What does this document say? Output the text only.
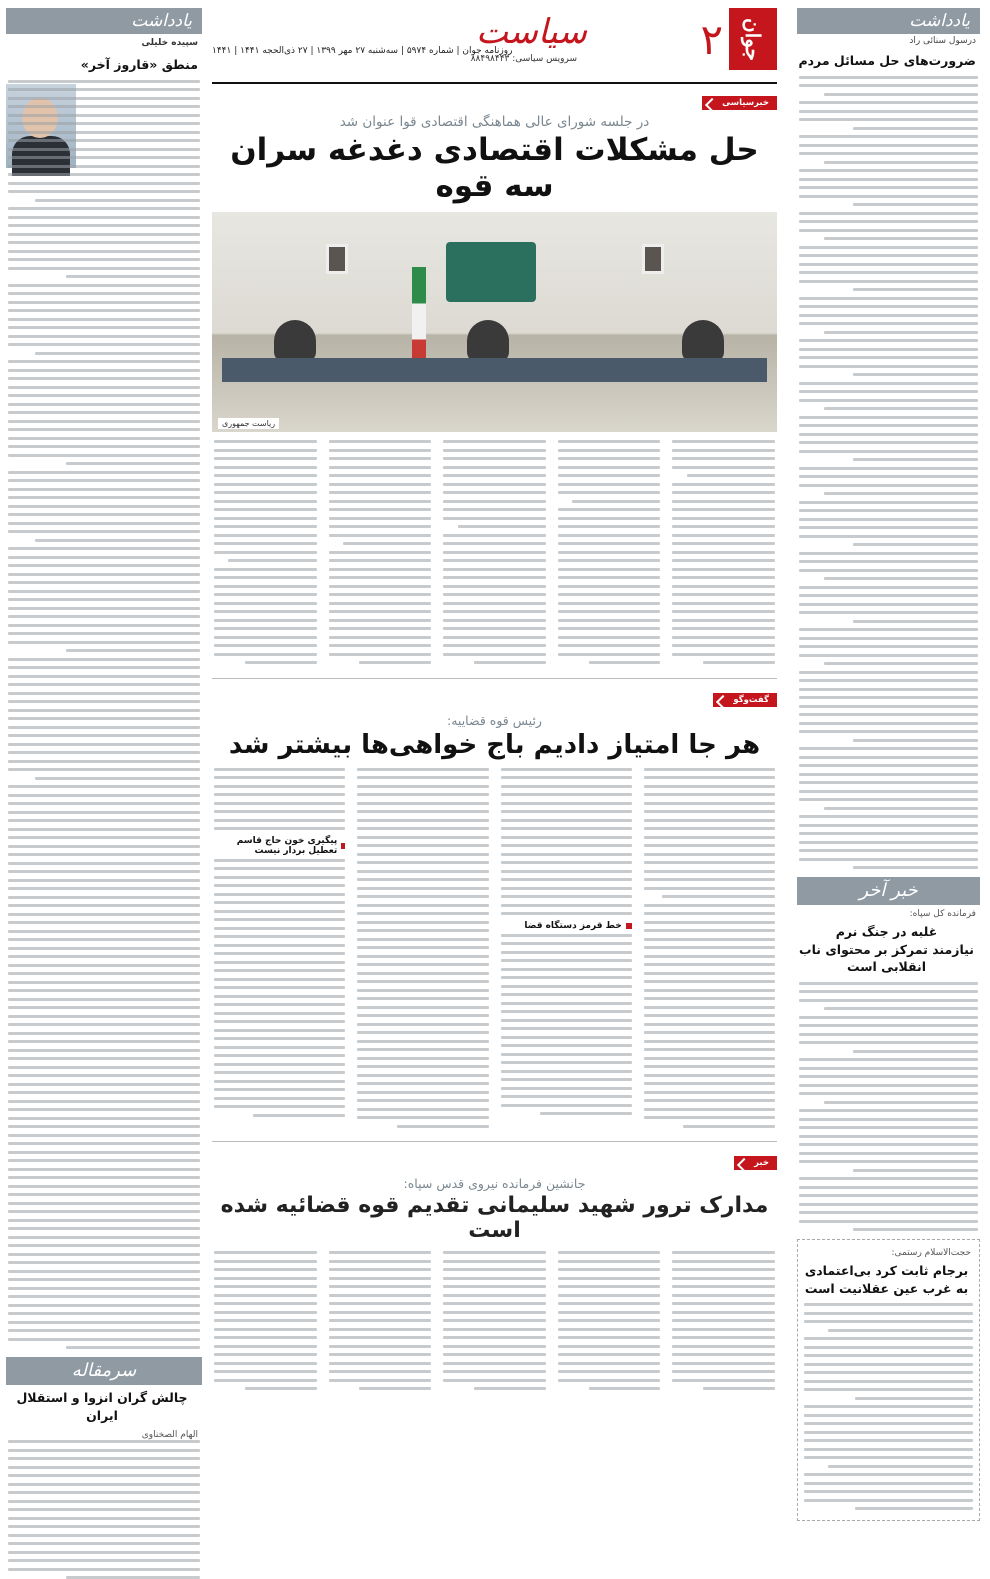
یادداشت
درسول سنائی راد
ضرورت‌های حل مسائل مردم
خبر آخر
فرمانده کل سپاه:
غلبه در جنگ نرم
نیازمند تمرکز بر محتوای ناب انقلابی است
حجت‌الاسلام رستمی:
برجام ثابت کرد بی‌اعتمادی به غرب عین عقلانیت است
جوان
۲
سیاست
سرویس سیاسی: ۸۸۴۹۸۴۴۳
روزنامه جوان | شماره ۵۹۷۴ | سه‌شنبه ۲۷ مهر ۱۳۹۹ | ۲۷ ذی‌الحجه ۱۴۴۱ | ۱۴۴۱
خبرسیاسی
در جلسه شورای عالی هماهنگی اقتصادی قوا عنوان شد
حل مشکلات اقتصادی دغدغه سران سه قوه
ریاست جمهوری
گفت‌وگو
رئیس قوه قضاییه:
هر جا امتیاز دادیم باج خواهی‌ها بیشتر شد
خط قرمز دستگاه قضا
پیگیری خون حاج قاسم تعطیل بردار نیست
خبر
جانشین فرمانده نیروی قدس سپاه:
مدارک ترور شهید سلیمانی تقدیم قوه قضائیه شده است
یادداشت
سپیده خلیلی
منطق «قاروز آخر»
سرمقاله
چالش گران انزوا و استقلال ایران
الهام الصخناوی
